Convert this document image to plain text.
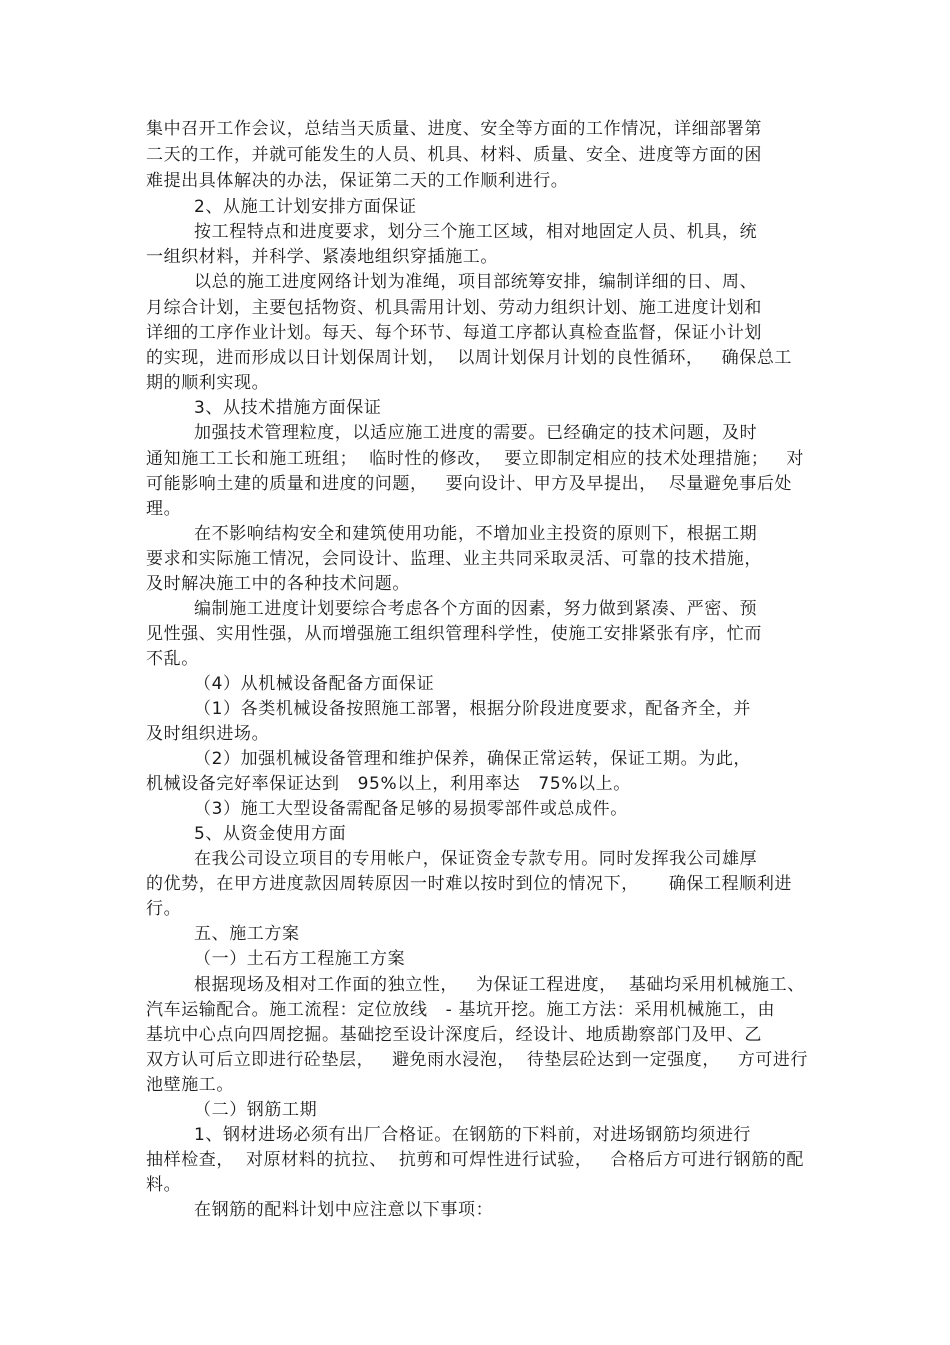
集中召开工作会议，总结当天质量、进度、安全等方面的工作情况，详细部署第
二天的工作，并就可能发生的人员、机具、材料、质量、安全、进度等方面的困
难提出具体解决的办法，保证第二天的工作顺利进行。
2、从施工计划安排方面保证
按工程特点和进度要求，划分三个施工区域，相对地固定人员、机具，统
一组织材料，并科学、紧凑地组织穿插施工。
以总的施工进度网络计划为准绳，项目部统筹安排，编制详细的日、周、
月综合计划，主要包括物资、机具需用计划、劳动力组织计划、施工进度计划和
详细的工序作业计划。每天、每个环节、每道工序都认真检查监督，保证小计划
的实现，进而形成以日计划保周计划，  以周计划保月计划的良性循环，   确保总工
期的顺利实现。
3、从技术措施方面保证
加强技术管理粒度，以适应施工进度的需要。已经确定的技术问题，及时
通知施工工长和施工班组；  临时性的修改，  要立即制定相应的技术处理措施；   对
可能影响土建的质量和进度的问题，   要向设计、甲方及早提出，  尽量避免事后处
理。
在不影响结构安全和建筑使用功能，不增加业主投资的原则下，根据工期
要求和实际施工情况，会同设计、监理、业主共同采取灵活、可靠的技术措施，
及时解决施工中的各种技术问题。
编制施工进度计划要综合考虑各个方面的因素，努力做到紧凑、严密、预
见性强、实用性强，从而增强施工组织管理科学性，使施工安排紧张有序，忙而
不乱。
（4）从机械设备配备方面保证
（1）各类机械设备按照施工部署，根据分阶段进度要求，配备齐全，并
及时组织进场。
（2）加强机械设备管理和维护保养，确保正常运转，保证工期。为此，
机械设备完好率保证达到   95%以上，利用率达   75%以上。
（3）施工大型设备需配备足够的易损零部件或总成件。
5、从资金使用方面
在我公司设立项目的专用帐户，保证资金专款专用。同时发挥我公司雄厚
的优势，在甲方进度款因周转原因一时难以按时到位的情况下，     确保工程顺利进
行。
五、施工方案
（一）土石方工程施工方案
根据现场及相对工作面的独立性，   为保证工程进度，  基础均采用机械施工、
汽车运输配合。施工流程：定位放线   - 基坑开挖。施工方法：采用机械施工，由
基坑中心点向四周挖掘。基础挖至设计深度后，经设计、地质勘察部门及甲、乙
双方认可后立即进行砼垫层，   避免雨水浸泡，  待垫层砼达到一定强度，   方可进行
池壁施工。
（二）钢筋工期
1、钢材进场必须有出厂合格证。在钢筋的下料前，对进场钢筋均须进行
抽样检查，  对原材料的抗拉、  抗剪和可焊性进行试验，   合格后方可进行钢筋的配
料。
在钢筋的配料计划中应注意以下事项：
